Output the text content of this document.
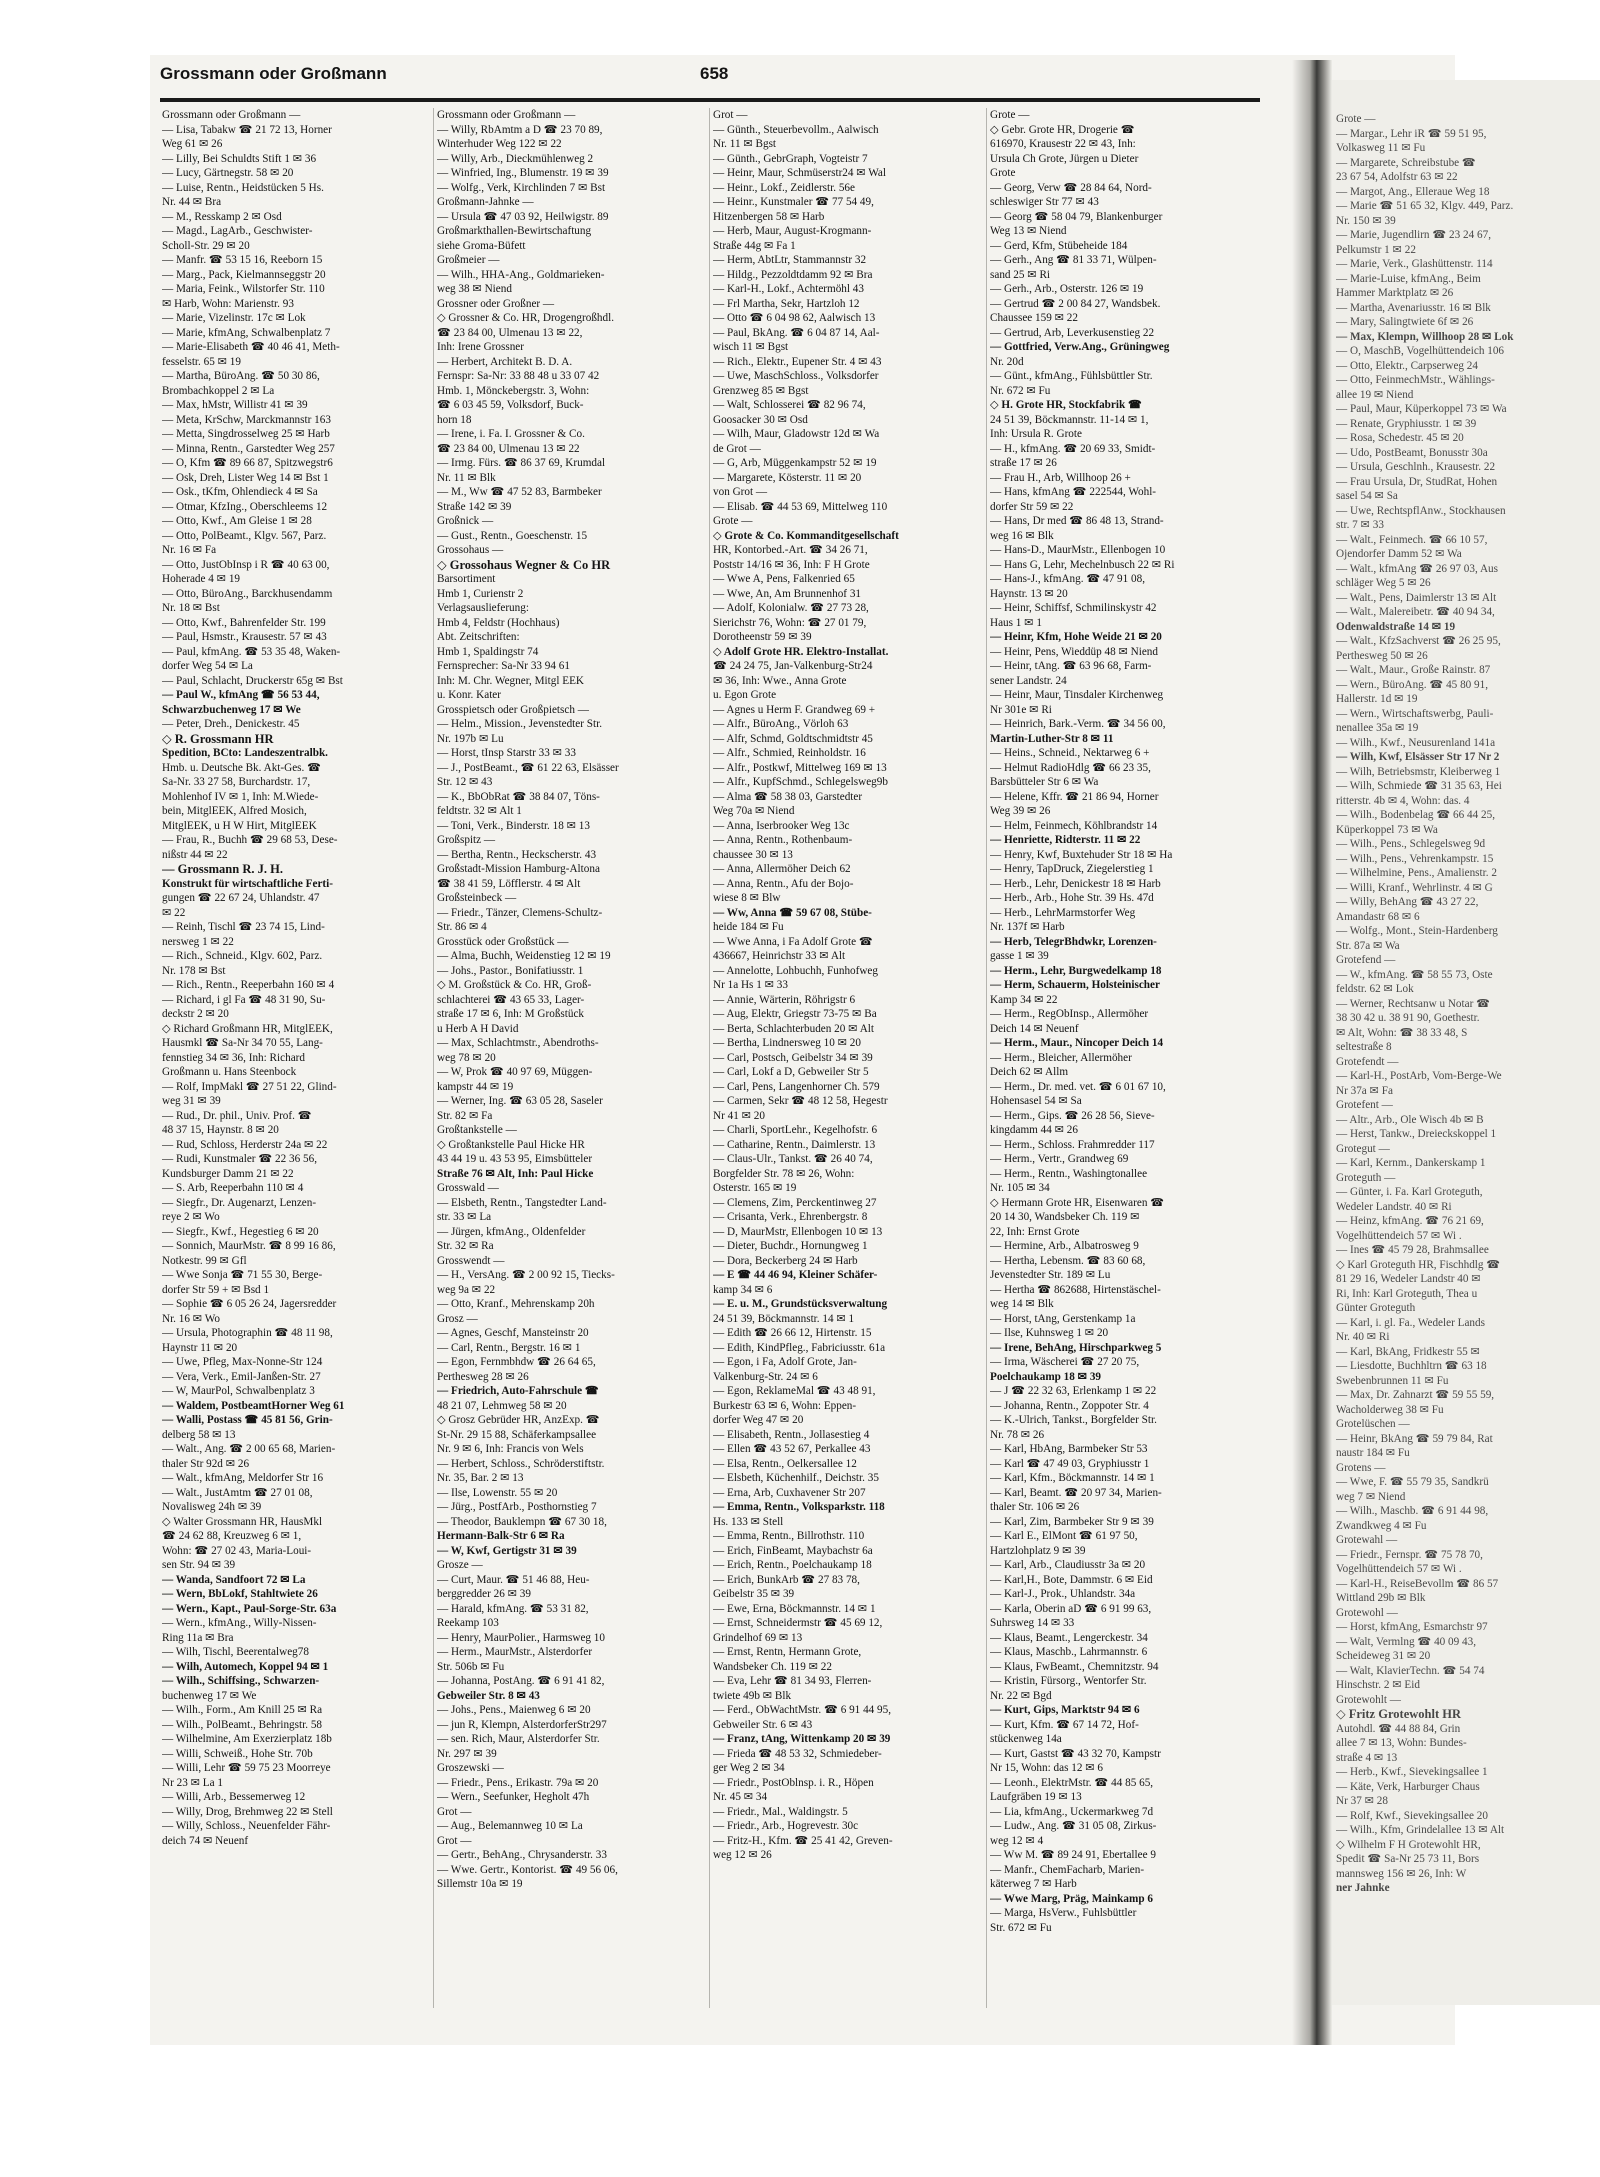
Grossmann oder Großmann	658
Grossmann oder Großmann —
— Lisa, Tabakw ☎ 21 72 13, Horner
Weg 61 ✉ 26
— Lilly, Bei Schuldts Stift 1 ✉ 36
— Lucy, Gärtnegstr. 58 ✉ 20
— Luise, Rentn., Heidstücken 5 Hs.
Nr. 44 ✉ Bra
— M., Resskamp 2 ✉ Osd
— Magd., LagArb., Geschwister-
Scholl-Str. 29 ✉ 20
— Manfr. ☎ 53 15 16, Reeborn 15
— Marg., Pack, Kielmannseggstr 20
— Maria, Feink., Wilstorfer Str. 110
✉ Harb, Wohn: Marienstr. 93
— Marie, Vizelinstr. 17c ✉ Lok
— Marie, kfmAng, Schwalbenplatz 7
— Marie-Elisabeth ☎ 40 46 41, Meth-
fesselstr. 65 ✉ 19
— Martha, BüroAng. ☎ 50 30 86,
Brombachkoppel 2 ✉ La
— Max, hMstr, Willistr 41 ✉ 39
— Meta, KrSchw, Marckmannstr 163
— Metta, Singdrosselweg 25 ✉ Harb
— Minna, Rentn., Garstedter Weg 257
— O, Kfm ☎ 89 66 87, Spitzwegstr6
— Osk, Dreh, Lister Weg 14 ✉ Bst 1
— Osk., tKfm, Ohlendieck 4 ✉ Sa
— Otmar, KfzIng., Oberschleems 12
— Otto, Kwf., Am Gleise 1 ✉ 28
— Otto, PolBeamt., Klgv. 567, Parz.
Nr. 16 ✉ Fa
— Otto, JustObInsp i R ☎ 40 63 00,
Hoherade 4 ✉ 19
— Otto, BüroAng., Barckhusendamm
Nr. 18 ✉ Bst
— Otto, Kwf., Bahrenfelder Str. 199
— Paul, Hsmstr., Krausestr. 57 ✉ 43
— Paul, kfmAng. ☎ 53 35 48, Waken-
dorfer Weg 54 ✉ La
— Paul, Schlacht, Druckerstr 65g ✉ Bst
— Paul W., kfmAng ☎ 56 53 44,
Schwarzbuchenweg 17 ✉ We
— Peter, Dreh., Denickestr. 45
◇ R. Grossmann HR
Spedition, BCto: Landeszentralbk.
Hmb. u. Deutsche Bk. Akt-Ges. ☎
Sa-Nr. 33 27 58, Burchardstr. 17,
Mohlenhof IV ✉ 1, Inh: M.Wiede-
bein, MitglEEK, Alfred Mosich,
MitglEEK, u H W Hirt, MitglEEK
— Frau, R., Buchh ☎ 29 68 53, Dese-
nißstr 44 ✉ 22
— Grossmann R. J. H.
Konstrukt für wirtschaftliche Ferti-
gungen ☎ 22 67 24, Uhlandstr. 47
✉ 22
— Reinh, Tischl ☎ 23 74 15, Lind-
nersweg 1 ✉ 22
— Rich., Schneid., Klgv. 602, Parz.
Nr. 178 ✉ Bst
— Rich., Rentn., Reeperbahn 160 ✉ 4
— Richard, i gl Fa ☎ 48 31 90, Su-
deckstr 2 ✉ 20
◇ Richard Großmann HR, MitglEEK,
Hausmkl ☎ Sa-Nr 34 70 55, Lang-
fennstieg 34 ✉ 36, Inh: Richard
Großmann u. Hans Steenbock
— Rolf, ImpMakl ☎ 27 51 22, Glind-
weg 31 ✉ 39
— Rud., Dr. phil., Univ. Prof. ☎
48 37 15, Haynstr. 8 ✉ 20
— Rud, Schloss, Herderstr 24a ✉ 22
— Rudi, Kunstmaler ☎ 22 36 56,
Kundsburger Damm 21 ✉ 22
— S. Arb, Reeperbahn 110 ✉ 4
— Siegfr., Dr. Augenarzt, Lenzen-
reye 2 ✉ Wo
— Siegfr., Kwf., Hegestieg 6 ✉ 20
— Sonnich, MaurMstr. ☎ 8 99 16 86,
Notkestr. 99 ✉ Gfl
— Wwe Sonja ☎ 71 55 30, Berge-
dorfer Str 59 + ✉ Bsd 1
— Sophie ☎ 6 05 26 24, Jagersredder
Nr. 16 ✉ Wo
— Ursula, Photographin ☎ 48 11 98,
Haynstr 11 ✉ 20
— Uwe, Pfleg, Max-Nonne-Str 124
— Vera, Verk., Emil-Janßen-Str. 27
— W, MaurPol, Schwalbenplatz 3
— Waldem, PostbeamtHorner Weg 61
— Walli, Postass ☎ 45 81 56, Grin-
delberg 58 ✉ 13
— Walt., Ang. ☎ 2 00 65 68, Marien-
thaler Str 92d ✉ 26
— Walt., kfmAng, Meldorfer Str 16
— Walt., JustAmtm ☎ 27 01 08,
Novalisweg 24h ✉ 39
◇ Walter Grossmann HR, HausMkl
☎ 24 62 88, Kreuzweg 6 ✉ 1,
Wohn: ☎ 27 02 43, Maria-Loui-
sen Str. 94 ✉ 39
— Wanda, Sandfoort 72 ✉ La
— Wern, BbLokf, Stahltwiete 26
— Wern., Kapt., Paul-Sorge-Str. 63a
— Wern., kfmAng., Willy-Nissen-
Ring 11a ✉ Bra
— Wilh, Tischl, Beerentalweg78
— Wilh, Automech, Koppel 94 ✉ 1
— Wilh., Schiffsing., Schwarzen-
buchenweg 17 ✉ We
— Wilh., Form., Am Knill 25 ✉ Ra
— Wilh., PolBeamt., Behringstr. 58
— Wilhelmine, Am Exerzierplatz 18b
— Willi, Schweiß., Hohe Str. 70b
— Willi, Lehr ☎ 59 75 23 Moorreye
Nr 23 ✉ La 1
— Willi, Arb., Bessemerweg 12
— Willy, Drog, Brehmweg 22 ✉ Stell
— Willy, Schloss., Neuenfelder Fähr-
deich 74 ✉ Neuenf
Grossmann oder Großmann —
— Willy, RbAmtm a D ☎ 23 70 89,
Winterhuder Weg 122 ✉ 22
— Willy, Arb., Dieckmühlenweg 2
— Winfried, Ing., Blumenstr. 19 ✉ 39
— Wolfg., Verk, Kirchlinden 7 ✉ Bst
Großmann-Jahnke —
— Ursula ☎ 47 03 92, Heilwigstr. 89
Großmarkthallen-Bewirtschaftung
siehe Groma-Büfett
Großmeier —
— Wilh., HHA-Ang., Goldmarieken-
weg 38 ✉ Niend
Grossner oder Großner —
◇ Grossner & Co. HR, Drogengroßhdl.
☎ 23 84 00, Ulmenau 13 ✉ 22,
Inh: Irene Grossner
— Herbert, Architekt B. D. A.
Fernspr: Sa-Nr: 33 88 48 u 33 07 42
Hmb. 1, Mönckebergstr. 3, Wohn:
☎ 6 03 45 59, Volksdorf, Buck-
horn 18
— Irene, i. Fa. I. Grossner & Co.
☎ 23 84 00, Ulmenau 13 ✉ 22
— Irmg. Fürs. ☎ 86 37 69, Krumdal
Nr. 11 ✉ Blk
— M., Ww ☎ 47 52 83, Barmbeker
Straße 142 ✉ 39
Großnick —
— Gust., Rentn., Goeschenstr. 15
Grossohaus —
◇ Grossohaus Wegner & Co HR
Barsortiment
Hmb 1, Curienstr 2
Verlagsauslieferung:
Hmb 4, Feldstr (Hochhaus)
Abt. Zeitschriften:
Hmb 1, Spaldingstr 74
Fernsprecher: Sa-Nr 33 94 61
Inh: M. Chr. Wegner, Mitgl EEK
u. Konr. Kater
Grosspietsch oder Großpietsch —
— Helm., Mission., Jevenstedter Str.
Nr. 197b ✉ Lu
— Horst, tInsp Starstr 33 ✉ 33
— J., PostBeamt., ☎ 61 22 63, Elsässer
Str. 12 ✉ 43
— K., BbObRat ☎ 38 84 07, Töns-
feldtstr. 32 ✉ Alt 1
— Toni, Verk., Binderstr. 18 ✉ 13
Großspitz —
— Bertha, Rentn., Heckscherstr. 43
Großstadt-Mission Hamburg-Altona
☎ 38 41 59, Löfflerstr. 4 ✉ Alt
Großsteinbeck —
— Friedr., Tänzer, Clemens-Schultz-
Str. 86 ✉ 4
Grosstück oder Großstück —
— Alma, Buchh, Weidenstieg 12 ✉ 19
— Johs., Pastor., Bonifatiusstr. 1
◇ M. Großstück & Co. HR, Groß-
schlachterei ☎ 43 65 33, Lager-
straße 17 ✉ 6, Inh: M Großstück
u Herb A H David
— Max, Schlachtmstr., Abendroths-
weg 78 ✉ 20
— W, Prok ☎ 40 97 69, Müggen-
kampstr 44 ✉ 19
— Werner, Ing. ☎ 63 05 28, Saseler
Str. 82 ✉ Fa
Großtankstelle —
◇ Großtankstelle Paul Hicke HR
43 44 19 u. 43 53 95, Eimsbütteler
Straße 76 ✉ Alt, Inh: Paul Hicke
Grosswald —
— Elsbeth, Rentn., Tangstedter Land-
str. 33 ✉ La
— Jürgen, kfmAng., Oldenfelder
Str. 32 ✉ Ra
Grosswendt —
— H., VersAng. ☎ 2 00 92 15, Tiecks-
weg 9a ✉ 22
— Otto, Kranf., Mehrenskamp 20h
Grosz —
— Agnes, Geschf, Mansteinstr 20
— Carl, Rentn., Bergstr. 16 ✉ 1
— Egon, Fernmbhdw ☎ 26 64 65,
Perthesweg 28 ✉ 26
— Friedrich, Auto-Fahrschule ☎
48 21 07, Lehmweg 58 ✉ 20
◇ Grosz Gebrüder HR, AnzExp. ☎
St-Nr. 29 15 88, Schäferkampsallee
Nr. 9 ✉ 6, Inh: Francis von Wels
— Herbert, Schloss., Schröderstiftstr.
Nr. 35, Bar. 2 ✉ 13
— Ilse, Lowenstr. 55 ✉ 20
— Jürg., PostfArb., Posthornstieg 7
— Theodor, Bauklempn ☎ 67 30 18,
Hermann-Balk-Str 6 ✉ Ra
— W, Kwf, Gertigstr 31 ✉ 39
Grosze —
— Curt, Maur. ☎ 51 46 88, Heu-
berggredder 26 ✉ 39
— Harald, kfmAng. ☎ 53 31 82,
Reekamp 103
— Henry, MaurPolier., Harmsweg 10
— Herm., MaurMstr., Alsterdorfer
Str. 506b ✉ Fu
— Johanna, PostAng. ☎ 6 91 41 82,
Gebweiler Str. 8 ✉ 43
— Johs., Pens., Maienweg 6 ✉ 20
— jun R, Klempn, AlsterdorferStr297
— sen. Rich, Maur, Alsterdorfer Str.
Nr. 297 ✉ 39
Groszewski —
— Friedr., Pens., Erikastr. 79a ✉ 20
— Wern., Seefunker, Hegholt 47h
Grot —
— Aug., Belemannweg 10 ✉ La
Grot —
— Gertr., BehAng., Chrysanderstr. 33
— Wwe. Gertr., Kontorist. ☎ 49 56 06,
Sillemstr 10a ✉ 19
Grot —
— Günth., Steuerbevollm., Aalwisch
Nr. 11 ✉ Bgst
— Günth., GebrGraph, Vogteistr 7
— Heinr, Maur, Schmüserstr24 ✉ Wal
— Heinr., Lokf., Zeidlerstr. 56e
— Heinr., Kunstmaler ☎ 77 54 49,
Hitzenbergen 58 ✉ Harb
— Herb, Maur, August-Krogmann-
Straße 44g ✉ Fa 1
— Herm, AbtLtr, Stammannstr 32
— Hildg., Pezzoldtdamm 92 ✉ Bra
— Karl-H., Lokf., Achtermöhl 43
— Frl Martha, Sekr, Hartzloh 12
— Otto ☎ 6 04 98 62, Aalwisch 13
— Paul, BkAng. ☎ 6 04 87 14, Aal-
wisch 11 ✉ Bgst
— Rich., Elektr., Eupener Str. 4 ✉ 43
— Uwe, MaschSchloss., Volksdorfer
Grenzweg 85 ✉ Bgst
— Walt, Schlosserei ☎ 82 96 74,
Goosacker 30 ✉ Osd
— Wilh, Maur, Gladowstr 12d ✉ Wa
de Grot —
— G, Arb, Müggenkampstr 52 ✉ 19
— Margarete, Kösterstr. 11 ✉ 20
von Grot —
— Elisab. ☎ 44 53 69, Mittelweg 110
Grote —
◇ Grote & Co. Kommanditgesellschaft
HR, Kontorbed.-Art. ☎ 34 26 71,
Poststr 14/16 ✉ 36, Inh: F H Grote
— Wwe A, Pens, Falkenried 65
— Wwe, An, Am Brunnenhof 31
— Adolf, Kolonialw. ☎ 27 73 28,
Sierichstr 76, Wohn: ☎ 27 01 79,
Dorotheenstr 59 ✉ 39
◇ Adolf Grote HR. Elektro-Installat.
☎ 24 24 75, Jan-Valkenburg-Str24
✉ 36, Inh: Wwe., Anna Grote
u. Egon Grote
— Agnes u Herm F. Grandweg 69 +
— Alfr., BüroAng., Vörloh 63
— Alfr, Schmd, Goldtschmidtstr 45
— Alfr., Schmied, Reinholdstr. 16
— Alfr., Postkwf, Mittelweg 169 ✉ 13
— Alfr., KupfSchmd., Schlegelsweg9b
— Alma ☎ 58 38 03, Garstedter
Weg 70a ✉ Niend
— Anna, Iserbrooker Weg 13c
— Anna, Rentn., Rothenbaum-
chaussee 30 ✉ 13
— Anna, Allermöher Deich 62
— Anna, Rentn., Afu der Bojo-
wiese 8 ✉ Blw
— Ww, Anna ☎ 59 67 08, Stübe-
heide 184 ✉ Fu
— Wwe Anna, i Fa Adolf Grote ☎
436667, Heinrichstr 33 ✉ Alt
— Annelotte, Lohbuchh, Funhofweg
Nr 1a Hs 1 ✉ 33
— Annie, Wärterin, Röhrigstr 6
— Aug, Elektr, Griegstr 73-75 ✉ Ba
— Berta, Schlachterbuden 20 ✉ Alt
— Bertha, Lindnersweg 10 ✉ 20
— Carl, Postsch, Geibelstr 34 ✉ 39
— Carl, Lokf a D, Gebweiler Str 5
— Carl, Pens, Langenhorner Ch. 579
— Carmen, Sekr ☎ 48 12 58, Hegestr
Nr 41 ✉ 20
— Charli, SportLehr., Kegelhofstr. 6
— Catharine, Rentn., Daimlerstr. 13
— Claus-Ulr., Tankst. ☎ 26 40 74,
Borgfelder Str. 78 ✉ 26, Wohn:
Osterstr. 165 ✉ 19
— Clemens, Zim, Perckentinweg 27
— Crisanta, Verk., Ehrenbergstr. 8
— D, MaurMstr, Ellenbogen 10 ✉ 13
— Dieter, Buchdr., Hornungweg 1
— Dora, Beckerberg 24 ✉ Harb
— E ☎ 44 46 94, Kleiner Schäfer-
kamp 34 ✉ 6
— E. u. M., Grundstücksverwaltung
24 51 39, Böckmannstr. 14 ✉ 1
— Edith ☎ 26 66 12, Hirtenstr. 15
— Edith, KindPfleg., Fabriciusstr. 61a
— Egon, i Fa, Adolf Grote, Jan-
Valkenburg-Str. 24 ✉ 6
— Egon, ReklameMal ☎ 43 48 91,
Burkestr 63 ✉ 6, Wohn: Eppen-
dorfer Weg 47 ✉ 20
— Elisabeth, Rentn., Jollasestieg 4
— Ellen ☎ 43 52 67, Perkallee 43
— Elsa, Rentn., Oelkersallee 12
— Elsbeth, Küchenhilf., Deichstr. 35
— Erna, Arb, Cuxhavener Str 207
— Emma, Rentn., Volksparkstr. 118
Hs. 133 ✉ Stell
— Emma, Rentn., Billrothstr. 110
— Erich, FinBeamt, Maybachstr 6a
— Erich, Rentn., Poelchaukamp 18
— Erich, BunkArb ☎ 27 83 78,
Geibelstr 35 ✉ 39
— Ewe, Erna, Böckmannstr. 14 ✉ 1
— Ernst, Schneidermstr ☎ 45 69 12,
Grindelhof 69 ✉ 13
— Ernst, Rentn, Hermann Grote,
Wandsbeker Ch. 119 ✉ 22
— Eva, Lehr ☎ 81 34 93, Flerren-
twiete 49b ✉ Blk
— Ferd., ObWachtMstr. ☎ 6 91 44 95,
Gebweiler Str. 6 ✉ 43
— Franz, tAng, Wittenkamp 20 ✉ 39
— Frieda ☎ 48 53 32, Schmiedeber-
ger Weg 2 ✉ 34
— Friedr., PostOblnsp. i. R., Höpen
Nr. 45 ✉ 34
— Friedr., Mal., Waldingstr. 5
— Friedr., Arb., Hogrevestr. 30c
— Fritz-H., Kfm. ☎ 25 41 42, Greven-
weg 12 ✉ 26
Grote —
◇ Gebr. Grote HR, Drogerie ☎
616970, Krausestr 22 ✉ 43, Inh:
Ursula Ch Grote, Jürgen u Dieter
Grote
— Georg, Verw ☎ 28 84 64, Nord-
schleswiger Str 77 ✉ 43
— Georg ☎ 58 04 79, Blankenburger
Weg 13 ✉ Niend
— Gerd, Kfm, Stübeheide 184
— Gerh., Ang ☎ 81 33 71, Wülpen-
sand 25 ✉ Ri
— Gerh., Arb., Osterstr. 126 ✉ 19
— Gertrud ☎ 2 00 84 27, Wandsbek.
Chaussee 159 ✉ 22
— Gertrud, Arb, Leverkusenstieg 22
— Gottfried, Verw.Ang., Grüningweg
Nr. 20d
— Günt., kfmAng., Fühlsbüttler Str.
Nr. 672 ✉ Fu
◇ H. Grote HR, Stockfabrik ☎
24 51 39, Böckmannstr. 11-14 ✉ 1,
Inh: Ursula R. Grote
— H., kfmAng. ☎ 20 69 33, Smidt-
straße 17 ✉ 26
— Frau H., Arb, Willhoop 26 +
— Hans, kfmAng ☎ 222544, Wohl-
dorfer Str 59 ✉ 22
— Hans, Dr med ☎ 86 48 13, Strand-
weg 16 ✉ Blk
— Hans-D., MaurMstr., Ellenbogen 10
— Hans G, Lehr, Mechelnbusch 22 ✉ Ri
— Hans-J., kfmAng. ☎ 47 91 08,
Haynstr. 13 ✉ 20
— Heinr, Schiffsf, Schmilinskystr 42
Haus 1 ✉ 1
— Heinr, Kfm, Hohe Weide 21 ✉ 20
— Heinr, Pens, Wieddüp 48 ✉ Niend
— Heinr, tAng. ☎ 63 96 68, Farm-
sener Landstr. 24
— Heinr, Maur, Tinsdaler Kirchenweg
Nr 301e ✉ Ri
— Heinrich, Bark.-Verm. ☎ 34 56 00,
Martin-Luther-Str 8 ✉ 11
— Heins., Schneid., Nektarweg 6 +
— Helmut RadioHdlg ☎ 66 23 35,
Barsbütteler Str 6 ✉ Wa
— Helene, Kffr. ☎ 21 86 94, Horner
Weg 39 ✉ 26
— Helm, Feinmech, Köhlbrandstr 14
— Henriette, Ridterstr. 11 ✉ 22
— Henry, Kwf, Buxtehuder Str 18 ✉ Ha
— Henry, TapDruck, Ziegelerstieg 1
— Herb., Lehr, Denickestr 18 ✉ Harb
— Herb., Arb., Hohe Str. 39 Hs. 47d
— Herb., LehrMarmstorfer Weg
Nr. 137f ✉ Harb
— Herb, TelegrBhdwkr, Lorenzen-
gasse 1 ✉ 39
— Herm., Lehr, Burgwedelkamp 18
— Herm, Schauerm, Holsteinischer
Kamp 34 ✉ 22
— Herm., RegObInsp., Allermöher
Deich 14 ✉ Neuenf
— Herm., Maur., Nincoper Deich 14
— Herm., Bleicher, Allermöher
Deich 62 ✉ Allm
— Herm., Dr. med. vet. ☎ 6 01 67 10,
Hohensasel 54 ✉ Sa
— Herm., Gips. ☎ 26 28 56, Sieve-
kingdamm 44 ✉ 26
— Herm., Schloss. Frahmredder 117
— Herm., Vertr., Grandweg 69
— Herm., Rentn., Washingtonallee
Nr. 105 ✉ 34
◇ Hermann Grote HR, Eisenwaren ☎
20 14 30, Wandsbeker Ch. 119 ✉
22, Inh: Ernst Grote
— Hermine, Arb., Albatrosweg 9
— Hertha, Lebensm. ☎ 83 60 68,
Jevenstedter Str. 189 ✉ Lu
— Hertha ☎ 862688, Hirtenstäschel-
weg 14 ✉ Blk
— Horst, tAng, Gerstenkamp 1a
— Ilse, Kuhnsweg 1 ✉ 20
— Irene, BehAng, Hirschparkweg 5
— Irma, Wäscherei ☎ 27 20 75,
Poelchaukamp 18 ✉ 39
— J ☎ 22 32 63, Erlenkamp 1 ✉ 22
— Johanna, Rentn., Zoppoter Str. 4
— K.-Ulrich, Tankst., Borgfelder Str.
Nr. 78 ✉ 26
— Karl, HbAng, Barmbeker Str 53
— Karl ☎ 47 49 03, Gryphiusstr 1
— Karl, Kfm., Böckmannstr. 14 ✉ 1
— Karl, Beamt. ☎ 20 97 34, Marien-
thaler Str. 106 ✉ 26
— Karl, Zim, Barmbeker Str 9 ✉ 39
— Karl E., ElMont ☎ 61 97 50,
Hartzlohplatz 9 ✉ 39
— Karl, Arb., Claudiusstr 3a ✉ 20
— Karl,H., Bote, Dammstr. 6 ✉ Eid
— Karl-J., Prok., Uhlandstr. 34a
— Karla, Oberin aD ☎ 6 91 99 63,
Suhrsweg 14 ✉ 33
— Klaus, Beamt., Lengerckestr. 34
— Klaus, Maschb., Lahrmannstr. 6
— Klaus, FwBeamt., Chemnitzstr. 94
— Kristin, Fürsorg., Wentorfer Str.
Nr. 22 ✉ Bgd
— Kurt, Gips, Marktstr 94 ✉ 6
— Kurt, Kfm. ☎ 67 14 72, Hof-
stückenweg 14a
— Kurt, Gastst ☎ 43 32 70, Kampstr
Nr 15, Wohn: das 12 ✉ 6
— Leonh., ElektrMstr. ☎ 44 85 65,
Laufgräben 19 ✉ 13
— Lia, kfmAng., Uckermarkweg 7d
— Ludw., Ang. ☎ 31 05 08, Zirkus-
weg 12 ✉ 4
— Ww M. ☎ 89 24 91, Ebertallee 9
— Manfr., ChemFacharb, Marien-
käterweg 7 ✉ Harb
— Wwe Marg, Präg, Mainkamp 6
— Marga, HsVerw., Fuhlsbüttler
Str. 672 ✉ Fu
Grote —
— Margar., Lehr iR ☎ 59 51 95,
Volkasweg 11 ✉ Fu
— Margarete, Schreibstube ☎
23 67 54, Adolfstr 63 ✉ 22
— Margot, Ang., Elleraue Weg 18
— Marie ☎ 51 65 32, Klgv. 449, Parz.
Nr. 150 ✉ 39
— Marie, Jugendlirn ☎ 23 24 67,
Pelkumstr 1 ✉ 22
— Marie, Verk., Glashüttenstr. 114
— Marie-Luise, kfmAng., Beim
Hammer Marktplatz ✉ 26
— Martha, Avenariusstr. 16 ✉ Blk
— Mary, Salingtwiete 6f ✉ 26
— Max, Klempn, Willhoop 28 ✉ Lok
— O, MaschB, Vogelhüttendeich 106
— Otto, Elektr., Carpserweg 24
— Otto, FeinmechMstr., Wählings-
allee 19 ✉ Niend
— Paul, Maur, Küperkoppel 73 ✉ Wa
— Renate, Gryphiusstr. 1 ✉ 39
— Rosa, Schedestr. 45 ✉ 20
— Udo, PostBeamt, Bonusstr 30a
— Ursula, Geschlnh., Krausestr. 22
— Frau Ursula, Dr, StudRat, Hohen
sasel 54 ✉ Sa
— Uwe, RechtspflAnw., Stockhausen
str. 7 ✉ 33
— Walt., Feinmech. ☎ 66 10 57,
Ojendorfer Damm 52 ✉ Wa
— Walt., kfmAng ☎ 26 97 03, Aus
schläger Weg 5 ✉ 26
— Walt., Pens, Daimlerstr 13 ✉ Alt
— Walt., Malereibetr. ☎ 40 94 34,
Odenwaldstraße 14 ✉ 19
— Walt., KfzSachverst ☎ 26 25 95,
Perthesweg 50 ✉ 26
— Walt., Maur., Große Rainstr. 87
— Wern., BüroAng. ☎ 45 80 91,
Hallerstr. 1d ✉ 19
— Wern., Wirtschaftswerbg, Pauli-
nenallee 35a ✉ 19
— Wilh., Kwf., Neusurenland 141a
— Wilh, Kwf, Elsässer Str 17 Nr 2
— Wilh, Betriebsmstr, Kleiberweg 1
— Wilh, Schmiede ☎ 31 35 63, Hei
ritterstr. 4b ✉ 4, Wohn: das. 4
— Wilh., Bodenbelag ☎ 66 44 25,
Küperkoppel 73 ✉ Wa
— Wilh., Pens., Schlegelsweg 9d
— Wilh., Pens., Vehrenkampstr. 15
— Wilhelmine, Pens., Amalienstr. 2
— Willi, Kranf., Wehrlinstr. 4 ✉ G
— Willy, BehAng ☎ 43 27 22,
Amandastr 68 ✉ 6
— Wolfg., Mont., Stein-Hardenberg
Str. 87a ✉ Wa
Grotefend —
— W., kfmAng. ☎ 58 55 73, Oste
feldstr. 62 ✉ Lok
— Werner, Rechtsanw u Notar ☎
38 30 42 u. 38 91 90, Goethestr.
✉ Alt, Wohn: ☎ 38 33 48, S
seltestraße 8
Grotefendt —
— Karl-H., PostArb, Vom-Berge-We
Nr 37a ✉ Fa
Grotefent —
— Altr., Arb., Ole Wisch 4b ✉ B
— Herst, Tankw., Dreieckskoppel 1
Grotegut —
— Karl, Kernm., Dankerskamp 1
Groteguth —
— Günter, i. Fa. Karl Groteguth,
Wedeler Landstr. 40 ✉ Ri
— Heinz, kfmAng. ☎ 76 21 69,
Vogelhüttendeich 57 ✉ Wi .
— Ines ☎ 45 79 28, Brahmsallee
◇ Karl Groteguth HR, Fischhdlg ☎
81 29 16, Wedeler Landstr 40 ✉
Ri, Inh: Karl Groteguth, Thea u
Günter Groteguth
— Karl, i. gl. Fa., Wedeler Lands
Nr. 40 ✉ Ri
— Karl, BkAng, Fridkestr 55 ✉
— Liesdotte, Buchhltrn ☎ 63 18
Swebenbrunnen 11 ✉ Fu
— Max, Dr. Zahnarzt ☎ 59 55 59,
Wacholderweg 38 ✉ Fu
Grotelüschen —
— Heinr, BkAng ☎ 59 79 84, Rat
naustr 184 ✉ Fu
Grotens —
— Wwe, F. ☎ 55 79 35, Sandkrü
weg 7 ✉ Niend
— Wilh., Maschb. ☎ 6 91 44 98,
Zwandkweg 4 ✉ Fu
Grotewahl —
— Friedr., Fernspr. ☎ 75 78 70,
Vogelhüttendeich 57 ✉ Wi .
— Karl-H., ReiseBevollm ☎ 86 57
Wittland 29b ✉ Blk
Grotewohl —
— Horst, kfmAng, Esmarchstr 97
— Walt, Vermlng ☎ 40 09 43,
Scheideweg 31 ✉ 20
— Walt, KlavierTechn. ☎ 54 74
Hinschstr. 2 ✉ Eid
Grotewohlt —
◇ Fritz Grotewohlt HR
Autohdl. ☎ 44 88 84, Grin
allee 7 ✉ 13, Wohn: Bundes-
straße 4 ✉ 13
— Herb., Kwf., Sievekingsallee 1
— Käte, Verk, Harburger Chaus
Nr 37 ✉ 28
— Rolf, Kwf., Sievekingsallee 20
— Wilh., Kfm, Grindelallee 13 ✉ Alt
◇ Wilhelm F H Grotewohlt HR,
Spedit ☎ Sa-Nr 25 73 11, Bors
mannsweg 156 ✉ 26, Inh: W
ner Jahnke
